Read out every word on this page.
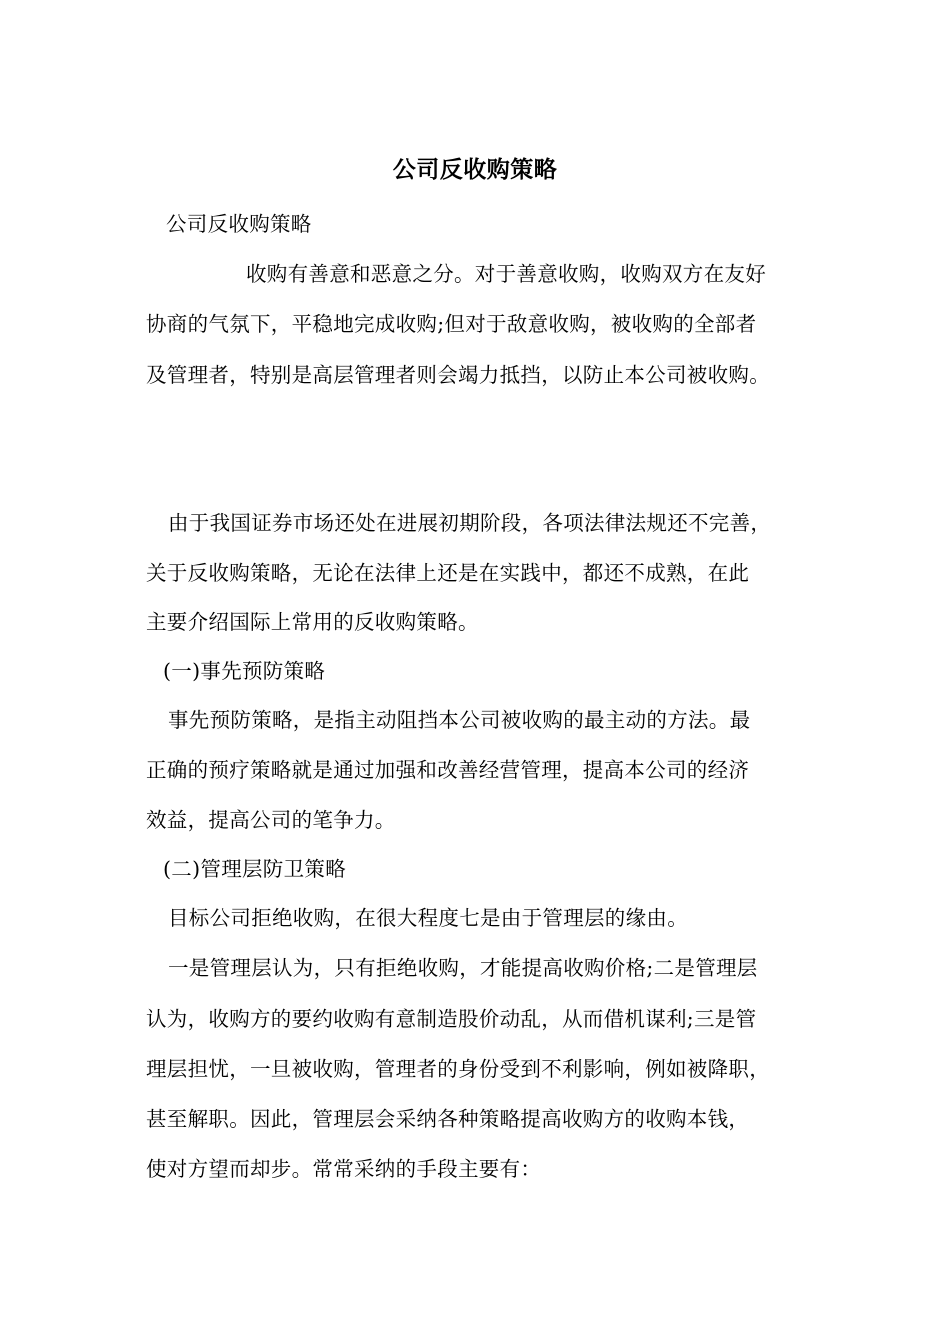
公司反收购策略
公司反收购策略
收购有善意和恶意之分。对于善意收购，收购双方在友好
协商的气氛下，平稳地完成收购;但对于敌意收购，被收购的全部者
及管理者，特别是高层管理者则会竭力抵挡，以防止本公司被收购。
由于我国证券市场还处在进展初期阶段，各项法律法规还不完善，
关于反收购策略，无论在法律上还是在实践中，都还不成熟，在此
主要介绍国际上常用的反收购策略。
(一)事先预防策略
事先预防策略，是指主动阻挡本公司被收购的最主动的方法。最
正确的预疗策略就是通过加强和改善经营管理，提高本公司的经济
效益，提高公司的笔争力。
(二)管理层防卫策略
目标公司拒绝收购，在很大程度七是由于管理层的缘由。
一是管理层认为，只有拒绝收购，才能提高收购价格;二是管理层
认为，收购方的要约收购有意制造股价动乱，从而借机谋利;三是管
理层担忧，一旦被收购，管理者的身份受到不利影响，例如被降职，
甚至解职。因此，管理层会采纳各种策略提高收购方的收购本钱，
使对方望而却步。常常采纳的手段主要有：
